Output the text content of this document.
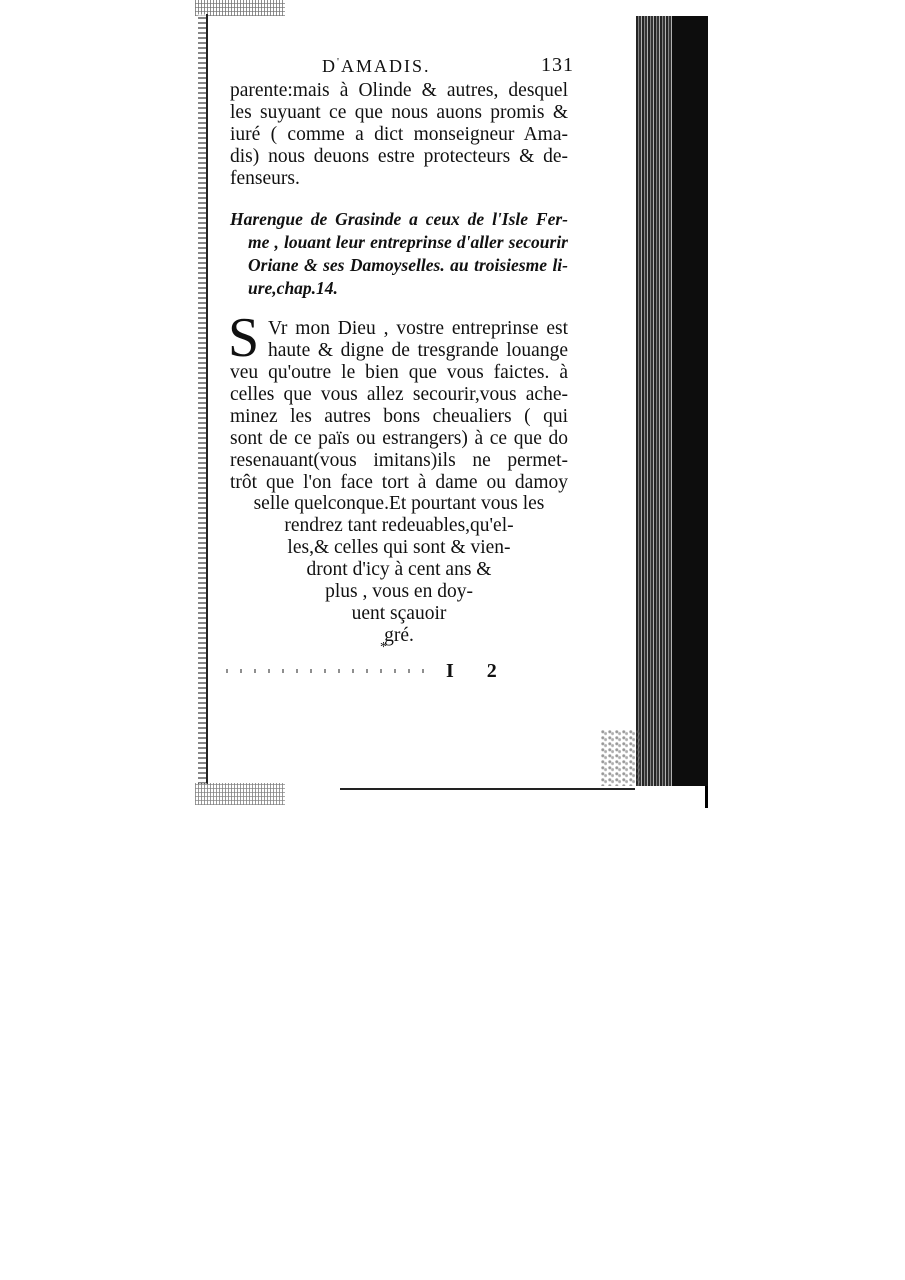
D'AMADIS.	131
parente:mais à Olinde & autres, desquel
les suyuant ce que nous auons promis &
iuré ( comme a dict monseigneur Ama-
dis) nous deuons estre protecteurs & de-
fenseurs.
Harengue de Grasinde a ceux de l'Isle Fer-
me , louant leur entreprinse d'aller secourir
Oriane & ses Damoyselles. au troisiesme li-
ure,chap.14.
S Vr mon Dieu , vostre entreprinse est
haute & digne de tresgrande louange
veu qu'outre le bien que vous faictes. à
celles que vous allez secourir,vous ache-
minez les autres bons cheualiers ( qui
sont de ce païs ou estrangers) à ce que do
resenauant(vous imitans)ils ne permet-
trôt que l'on face tort à dame ou damoy
selle quelconque.Et pourtant vous les
rendrez tant redeuables,qu'el-
les,& celles qui sont & vien-
dront d'icy à cent ans &
plus , vous en doy-
uent sçauoir
gré.
*
I 2
